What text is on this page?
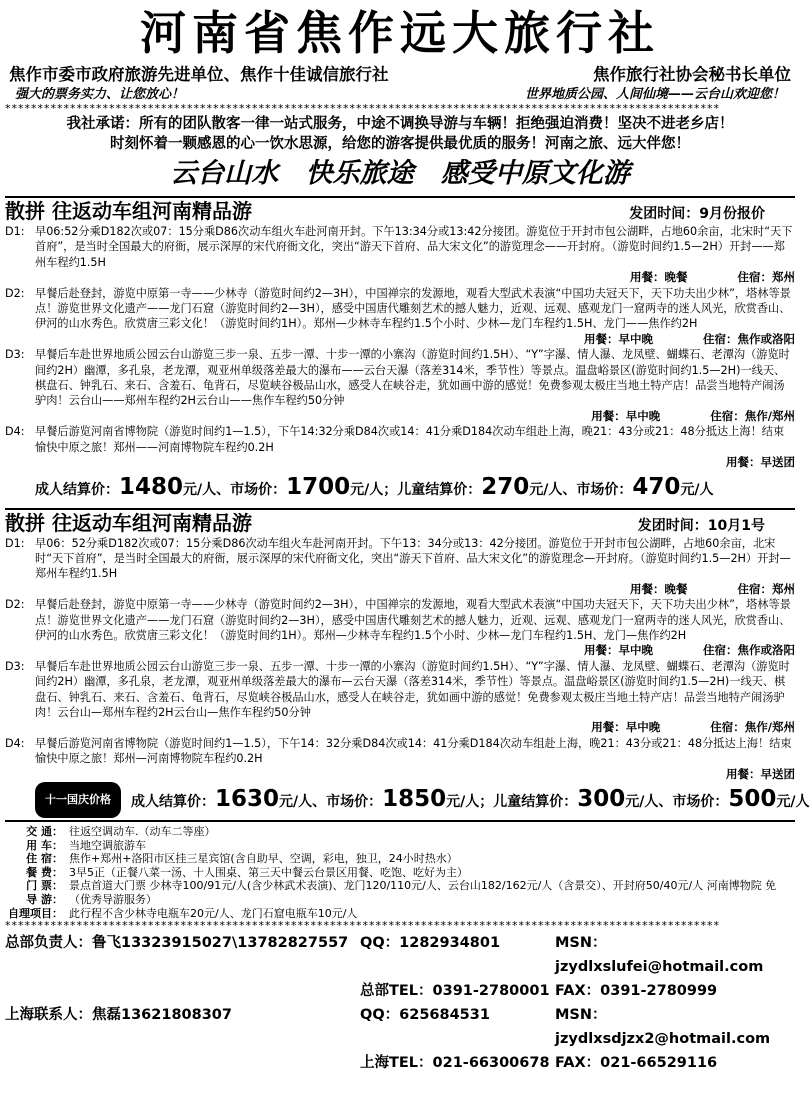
河南省焦作远大旅行社
焦作市委市政府旅游先进单位、焦作十佳诚信旅行社	焦作旅行社协会秘书长单位
强大的票务实力、让您放心！	世界地质公园、人间仙境——云台山欢迎您！
**************************************************************************************************************
我社承诺：所有的团队散客一律一站式服务，中途不调换导游与车辆！拒绝强迫消费！坚决不进老乡店！
时刻怀着一颗感恩的心一饮水思源，给您的游客提供最优质的服务！河南之旅、远大伴您！
云台山水 快乐旅途 感受中原文化游
散拼 往返动车组河南精品游	发团时间：9月份报价
D1: 早06:52分乘D182次或07：15分乘D86次动车组火车赴河南开封。下午13:34分或13:42分接团。游览位于开封市包公湖畔，占地60余亩，北宋时“天下首府”，是当时全国最大的府衙，展示深厚的宋代府衙文化，突出“游天下首府、品大宋文化”的游览理念——开封府。（游览时间约1.5—2H）开封——郑州车程约1.5H
用餐：晚餐	住宿：郑州
D2: 早餐后赴登封，游览中原第一寺——少林寺（游览时间约2—3H），中国禅宗的发源地，观看大型武术表演“中国功夫冠天下，天下功夫出少林”，塔林等景点！游览世界文化遗产——龙门石窟（游览时间约2—3H），感受中国唐代雕刻艺术的撼人魅力，近观、远观、感观龙门一窟两寺的迷人风光，欣赏香山、伊河的山水秀色。欣赏唐三彩文化！（游览时间约1H）。郑州—少林寺车程约1.5个小时、少林—龙门车程约1.5H、龙门——焦作约2H
用餐：早中晚	住宿：焦作或洛阳
D3: 早餐后车赴世界地质公园云台山游览三步一泉、五步一潭、十步一潭的小寨沟（游览时间约1.5H）、“Y”字瀑、情人瀑、龙凤壁、蝴蝶石、老潭沟（游览时间约2H）幽潭，多孔泉，老龙潭，观亚州单级落差最大的瀑布——云台天瀑（落差314米，季节性）等景点。温盘峪景区(游览时间约1.5—2H)一线天、棋盘石、钟乳石、来石、含羞石、龟背石，尽览峡谷极品山水，感受人在峡谷走，犹如画中游的感觉！免费参观太极庄当地土特产店！品尝当地特产闹汤驴肉！云台山——郑州车程约2H云台山——焦作车程约50分钟
用餐：早中晚	住宿：焦作/郑州
D4: 早餐后游览河南省博物院（游览时间约1—1.5），下午14:32分乘D84次或14：41分乘D184次动车组赴上海，晚21：43分或21：48分抵达上海！结束愉快中原之旅！郑州——河南博物院车程约0.2H
用餐：早送团
成人结算价：1480元/人、市场价：1700元/人；儿童结算价：270元/人、市场价：470元/人
散拼 往返动车组河南精品游	发团时间：10月1号
D1: 早06：52分乘D182次或07：15分乘D86次动车组火车赴河南开封。下午13：34分或13：42分接团。游览位于开封市包公湖畔，占地60余亩，北宋时“天下首府”，是当时全国最大的府衙，展示深厚的宋代府衙文化，突出“游天下首府、品大宋文化”的游览理念—开封府。（游览时间约1.5—2H）开封—郑州车程约1.5H
用餐：晚餐	住宿：郑州
D2: 早餐后赴登封，游览中原第一寺——少林寺（游览时间约2—3H），中国禅宗的发源地，观看大型武术表演“中国功夫冠天下，天下功夫出少林”，塔林等景点！游览世界文化遗产——龙门石窟（游览时间约2—3H），感受中国唐代雕刻艺术的撼人魅力，近观、远观、感观龙门一窟两寺的迷人风光，欣赏香山、伊河的山水秀色。欣赏唐三彩文化！（游览时间约1H）。郑州—少林寺车程约1.5个小时、少林—龙门车程约1.5H、龙门—焦作约2H
用餐：早中晚	住宿：焦作或洛阳
D3: 早餐后车赴世界地质公园云台山游览三步一泉、五步一潭、十步一潭的小寨沟（游览时间约1.5H）、“Y”字瀑、情人瀑、龙凤壁、蝴蝶石、老潭沟（游览时间约2H）幽潭，多孔泉，老龙潭，观亚州单级落差最大的瀑布—云台天瀑（落差314米，季节性）等景点。温盘峪景区(游览时间约1.5—2H)一线天、棋盘石、钟乳石、来石、含羞石、龟背石，尽览峡谷极品山水，感受人在峡谷走，犹如画中游的感觉！免费参观太极庄当地土特产店！品尝当地特产闹汤驴肉！云台山—郑州车程约2H云台山—焦作车程约50分钟
用餐：早中晚	住宿：焦作/郑州
D4: 早餐后游览河南省博物院（游览时间约1—1.5），下午14：32分乘D84次或14：41分乘D184次动车组赴上海，晚21：43分或21：48分抵达上海！结束愉快中原之旅！郑州—河南博物院车程约0.2H
用餐：早送团
十一国庆价格	成人结算价：1630元/人、市场价：1850元/人；儿童结算价：300元/人、市场价：500元/人
交 通： 往返空调动车.（动车二等座）
用 车： 当地空调旅游车
住 宿： 焦作+郑州+洛阳市区挂三星宾馆(含自助早、空调，彩电，独卫，24小时热水）
餐 费： 3早5正（正餐八菜一汤、十人围桌、第三天中餐云台景区用餐、吃饱、吃好为主）
门 票： 景点首道大门票 少林寺100/91元/人(含少林武术表演)、龙门120/110元/人、云台山182/162元/人（含景交）、开封府50/40元/人 河南博物院 免
导 游： （优秀导游服务）
自理项目： 此行程不含少林寺电瓶车20元/人、龙门石窟电瓶车10元/人
**************************************************************************************************************
总部负责人：鲁飞13323915027\13782827557 QQ：1282934801	MSN：jzydlxslufei@hotmail.com
总部TEL：0391-2780001 FAX：0391-2780999
上海联系人：焦磊13621808307	QQ：625684531	MSN：jzydlxsdjzx2@hotmail.com
上海TEL：021-66300678 FAX：021-66529116
